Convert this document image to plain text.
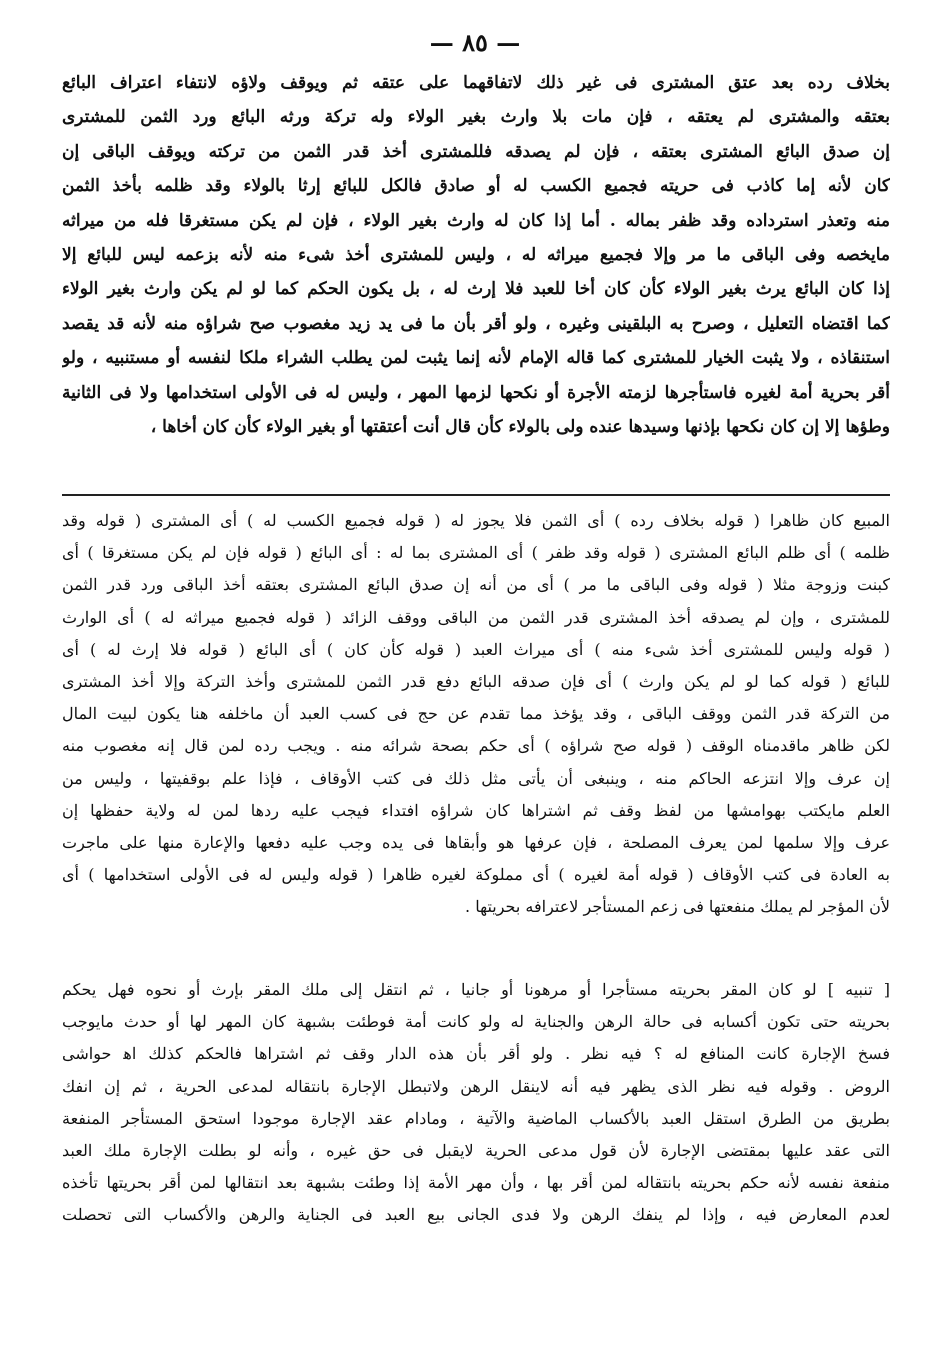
— ٨٥ —
بخلاف رده بعد عتق المشترى فى غير ذلك لاتفاقهما على عتقه ثم ويوقف ولاؤه لانتفاء اعتراف البائع
بعتقه والمشترى لم يعتقه ، فإن مات بلا وارث بغير الولاء وله تركة ورثه البائع ورد الثمن للمشترى
إن صدق البائع المشترى بعتقه ، فإن لم يصدقه فللمشترى أخذ قدر الثمن من تركته ويوقف الباقى إن
كان لأنه إما كاذب فى حريته فجميع الكسب له أو صادق فالكل للبائع إرثا بالولاء وقد ظلمه بأخذ الثمن
منه وتعذر استرداده وقد ظفر بماله . أما إذا كان له وارث بغير الولاء ، فإن لم يكن مستغرقا فله من ميراثه
مايخصه وفى الباقى ما مر وإلا فجميع ميراثه له ، وليس للمشترى أخذ شىء منه لأنه بزعمه ليس للبائع إلا
إذا كان البائع يرث بغير الولاء كأن كان أخا للعبد فلا إرث له ، بل يكون الحكم كما لو لم يكن وارث بغير الولاء
كما اقتضاه التعليل ، وصرح به البلقينى وغيره ، ولو أقر بأن ما فى يد زيد مغصوب صح شراؤه منه لأنه قد يقصد
استنقاذه ، ولا يثبت الخيار للمشترى كما قاله الإمام لأنه إنما يثبت لمن يطلب الشراء ملكا لنفسه أو مستنبيه ، ولو
أقر بحرية أمة لغيره فاستأجرها لزمته الأجرة أو نكحها لزمها المهر ، وليس له فى الأولى استخدامها ولا فى الثانية
وطؤها إلا إن كان نكحها بإذنها وسيدها عنده ولى بالولاء كأن قال أنت أعتقتها أو بغير الولاء كأن كان أخاها ،
المبيع كان ظاهرا ( قوله بخلاف رده ) أى الثمن فلا يجوز له ( قوله فجميع الكسب له ) أى المشترى ( قوله وقد
ظلمه ) أى ظلم البائع المشترى ( قوله وقد ظفر ) أى المشترى بما له : أى البائع ( قوله فإن لم يكن مستغرقا ) أى
كبنت وزوجة مثلا ( قوله وفى الباقى ما مر ) أى من أنه إن صدق البائع المشترى بعتقه أخذ الباقى ورد قدر الثمن
للمشترى ، وإن لم يصدقه أخذ المشترى قدر الثمن من الباقى ووقف الزائد ( قوله فجميع ميراثه له ) أى الوارث
( قوله وليس للمشترى أخذ شىء منه ) أى ميراث العبد ( قوله كأن كان ) أى البائع ( قوله فلا إرث له ) أى
للبائع ( قوله كما لو لم يكن وارث ) أى فإن صدقه البائع دفع قدر الثمن للمشترى وأخذ التركة وإلا أخذ المشترى
من التركة قدر الثمن ووقف الباقى ، وقد يؤخذ مما تقدم عن حج فى كسب العبد أن ماخلفه هنا يكون لبيت المال
لكن ظاهر ماقدمناه الوقف ( قوله صح شراؤه ) أى حكم بصحة شرائه منه . ويجب رده لمن قال إنه مغصوب منه
إن عرف وإلا انتزعه الحاكم منه ، وينبغى أن يأتى مثل ذلك فى كتب الأوقاف ، فإذا علم بوقفيتها ، وليس من
العلم مايكتب بهوامشها من لفظ وقف ثم اشتراها كان شراؤه افتداء فيجب عليه ردها لمن له ولاية حفظها إن
عرف وإلا سلمها لمن يعرف المصلحة ، فإن عرفها هو وأبقاها فى يده وجب عليه دفعها والإعارة منها على ماجرت
به العادة فى كتب الأوقاف ( قوله أمة لغيره ) أى مملوكة لغيره ظاهرا ( قوله وليس له فى الأولى استخدامها ) أى
لأن المؤجر لم يملك منفعتها فى زعم المستأجر لاعترافه بحريتها .
[ تنبيه ] لو كان المقر بحريته مستأجرا أو مرهونا أو جانيا ، ثم انتقل إلى ملك المقر بإرث أو نحوه فهل يحكم
بحريته حتى تكون أكسابه فى حالة الرهن والجناية له ولو كانت أمة فوطئت بشبهة كان المهر لها أو حدث مايوجب
فسخ الإجارة كانت المنافع له ؟ فيه نظر . ولو أقر بأن هذه الدار وقف ثم اشتراها فالحكم كذلك اﻫ حواشى
الروض . وقوله فيه نظر الذى يظهر فيه أنه لاينقل الرهن ولاتبطل الإجارة بانتقاله لمدعى الحرية ، ثم إن انفك
بطريق من الطرق استقل العبد بالأكساب الماضية والآتية ، ومادام عقد الإجارة موجودا استحق المستأجر المنفعة
التى عقد عليها بمقتضى الإجارة لأن قول مدعى الحرية لايقبل فى حق غيره ، وأنه لو بطلت الإجارة ملك العبد
منفعة نفسه لأنه حكم بحريته بانتقاله لمن أقر بها ، وأن مهر الأمة إذا وطئت بشبهة بعد انتقالها لمن أقر بحريتها تأخذه
لعدم المعارض فيه ، وإذا لم ينفك الرهن ولا فدى الجانى بيع العبد فى الجناية والرهن والأكساب التى تحصلت
